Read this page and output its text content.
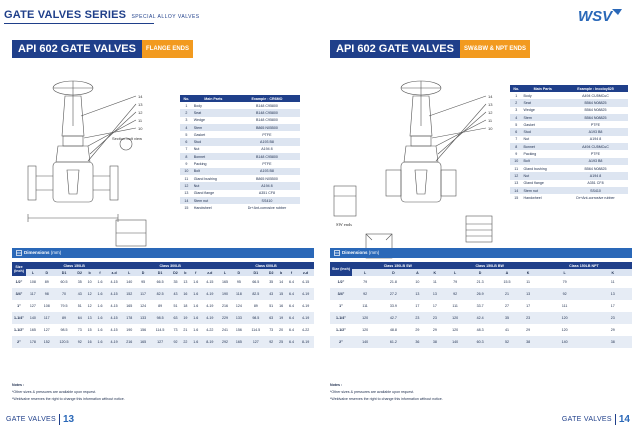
GATE VALVES SERIES SPECIAL ALLOY VALVES	WSV
API 602 GATE VALVES	FLANGE ENDS
14
13
12
11
10
Section bolt view
No.	Main Parts	Example : CR6MO
1	Body	B148 C95800
2	Seat	B148 C95800
3	Wedge	B148 C95800
4	Stem	B865 N05500
5	Gasket	PTFE
6	Stud	A193 B8
7	Nut	A194 8
8	Bonnet	B148 C95800
9	Packing	PTFE
10	Bolt	A193 B8
11	Gland bushing	B865 N05500
12	Nut	A194 8
13	Gland flange	A351 CF8
14	Stem nut	SS410
15	Handwheel	Dr+Ant-corrosive rubber
Dimensions (mm)
Size (inch)	Class 150LB							Class 300LB							Class 600LB						
	L	D	D1	D2	b	f	z-d	L	D	D1	D2	b	f	z-d	L	D	D1	D2	b	f	z-d
1/2"	108	89	60.5	35	10	1.6	4-15	140	95	66.5	35	13	1.6	4-15	165	95	66.5	35	14	6.4	4-15
3/4"	117	98	70	43	12	1.6	4-15	152	117	82.5	43	16	1.6	4-19	190	118	82.5	43	15	6.4	4-19
1"	127	108	79.5	51	12	1.6	4-15	165	124	89	51	18	1.6	4-19	216	124	89	51	16	6.4	4-19
1-1/4"	140	117	89	64	13	1.6	4-15	178	133	98.5	63	19	1.6	4-19	229	133	98.5	63	19	6.4	4-19
1-1/2"	165	127	98.5	73	15	1.6	4-15	190	156	114.5	73	21	1.6	4-22	241	156	114.5	73	20	6.4	4-22
2"	178	152	120.5	92	16	1.6	4-19	216	165	127	92	22	1.6	8-19	292	165	127	92	25	6.4	8-19
Notes :
*Other sizes & pressures are available upon request.
*Weldvalve reserves the right to change this information without notice.
API 602 GATE VALVES	SW&BW & NPT ENDS
SW ends
14
13
12
11
10
No.	Main Parts	Example : Incoloy825
1	Body	A494 CU5MCuC
2	Seat	B564 N08825
3	Wedge	B564 N08825
4	Stem	B564 N08825
5	Gasket	PTFE
6	Stud	A193 B8
7	Nut	A194 8
8	Bonnet	A494 CU5MCuC
9	Packing	PTFE
10	Bolt	A193 B8
11	Gland bushing	B564 N08825
12	Nut	A194 8
13	Gland flange	A351 CF8
14	Stem nut	SS410
15	Handwheel	Dr+Ant-corrosive rubber
Dimensions (mm)
Size (inch)	Class 150LB SW				Class 150LB BW				Class 150LB NPT	
	L	D	A	K	L	D	A	K	L	K
1/2"	79	21.8	10	11	79	21.3	15.5	11	79	11
3/4"	92	27.2	13	13	92	26.9	21	13	92	13
1"	111	33.9	17	17	111	33.7	27	17	111	17
1-1/4"	120	42.7	23	23	120	42.4	35	23	120	23
1-1/2"	120	48.8	29	29	120	48.3	41	29	120	29
2"	140	61.2	36	38	140	60.3	52	38	140	38
Notes :
*Other sizes & pressures are available upon request.
*Weldvalve reserves the right to change this information without notice.
GATE VALVES 13	GATE VALVES 14
